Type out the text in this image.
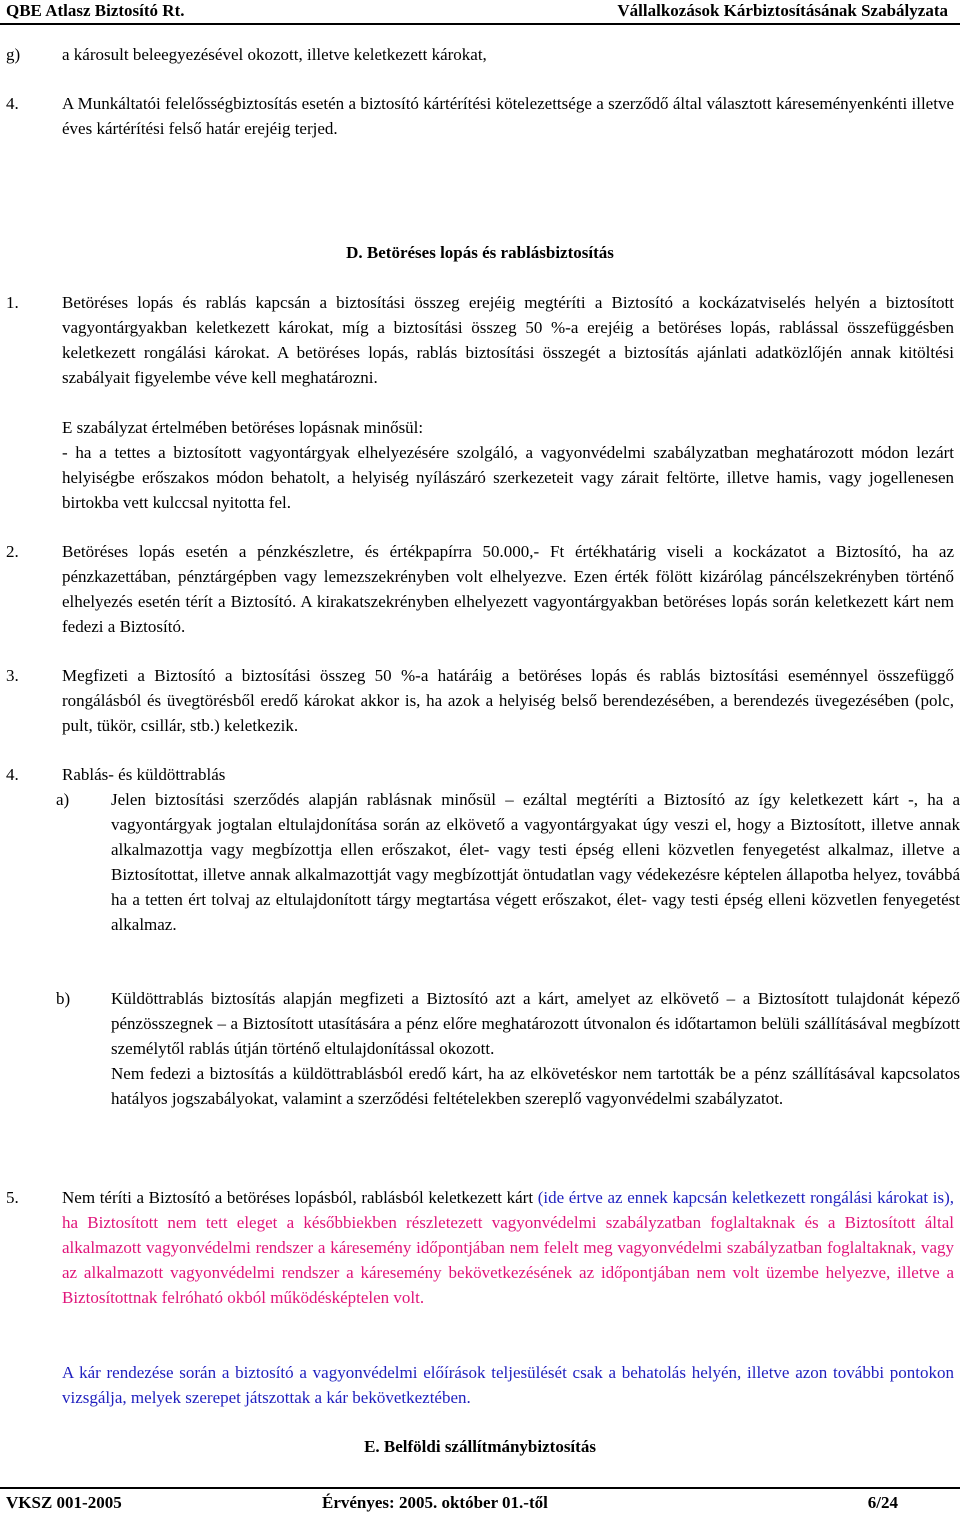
QBE Atlasz Biztosító Rt.	Vállalkozások Kárbiztosításának Szabályzata
g)	a károsult beleegyezésével okozott, illetve keletkezett károkat,
4.	A Munkáltatói felelősségbiztosítás esetén a biztosító kártérítési kötelezettsége a szerződő által választott káreseményenkénti illetve éves kártérítési felső határ erejéig terjed.
D. Betöréses lopás és rablásbiztosítás
1.	Betöréses lopás és rablás kapcsán a biztosítási összeg erejéig megtéríti a Biztosító a kockázatviselés helyén a biztosított vagyontárgyakban keletkezett károkat, míg a biztosítási összeg 50 %-a erejéig a betöréses lopás, rablással összefüggésben keletkezett rongálási károkat. A betöréses lopás, rablás biztosítási összegét a biztosítás ajánlati adatközlőjén annak kitöltési szabályait figyelembe véve kell meghatározni.

E szabályzat értelmében betöréses lopásnak minősül:

- ha a tettes a biztosított vagyontárgyak elhelyezésére szolgáló, a vagyonvédelmi szabályzatban meghatározott módon lezárt helyiségbe erőszakos módon behatolt, a helyiség nyílászáró szerkezeteit vagy zárait feltörte, illetve hamis, vagy jogellenesen birtokba vett kulccsal nyitotta fel.

2.	Betöréses lopás esetén a pénzkészletre, és értékpapírra 50.000,- Ft értékhatárig viseli a kockázatot a Biztosító, ha az pénzkazettában, pénztárgépben vagy lemezszekrényben volt elhelyezve. Ezen érték fölött kizárólag páncélszekrényben történő elhelyezés esetén térít a Biztosító. A kirakatszekrényben elhelyezett vagyontárgyakban betöréses lopás során keletkezett kárt nem fedezi a Biztosító.
3.	Megfizeti a Biztosító a biztosítási összeg 50 %-a határáig a betöréses lopás és rablás biztosítási eseménnyel összefüggő rongálásból és üvegtörésből eredő károkat akkor is, ha azok a helyiség belső berendezésében, a berendezés üvegezésében (polc, pult, tükör, csillár, stb.) keletkezik.
4.	Rablás- és küldöttrablás
a)	Jelen biztosítási szerződés alapján rablásnak minősül – ezáltal megtéríti a Biztosító az így keletkezett kárt -, ha a vagyontárgyak jogtalan eltulajdonítása során az elkövető a vagyontárgyakat úgy veszi el, hogy a Biztosított, illetve annak alkalmazottja vagy megbízottja ellen erőszakot, élet- vagy testi épség elleni közvetlen fenyegetést alkalmaz, illetve a Biztosítottat, illetve annak alkalmazottját vagy megbízottját öntudatlan vagy védekezésre képtelen állapotba helyez, továbbá ha a tetten ért tolvaj az eltulajdonított tárgy megtartása végett erőszakot, élet- vagy testi épség elleni közvetlen fenyegetést alkalmaz.
b)	Küldöttrablás biztosítás alapján megfizeti a Biztosító azt a kárt, amelyet az elkövető – a Biztosított tulajdonát képező pénzösszegnek – a Biztosított utasítására a pénz előre meghatározott útvonalon és időtartamon belüli szállításával megbízott személytől rablás útján történő eltulajdonítással okozott.

Nem fedezi a biztosítás a küldöttrablásból eredő kárt, ha az elkövetéskor nem tartották be a pénz szállításával kapcsolatos hatályos jogszabályokat, valamint a szerződési feltételekben szereplő vagyonvédelmi szabályzatot.

5.	Nem téríti a Biztosító a betöréses lopásból, rablásból keletkezett kárt (ide értve az ennek kapcsán keletkezett rongálási károkat is), ha Biztosított nem tett eleget a későbbiekben részletezett vagyonvédelmi szabályzatban foglaltaknak és a Biztosított által alkalmazott vagyonvédelmi rendszer a káresemény időpontjában nem felelt meg vagyonvédelmi szabályzatban foglaltaknak, vagy az alkalmazott vagyonvédelmi rendszer a káresemény bekövetkezésének az időpontjában nem volt üzembe helyezve, illetve a Biztosítottnak felróható okból működésképtelen volt.

A kár rendezése során a biztosító a vagyonvédelmi előírások teljesülését csak a behatolás helyén, illetve azon további pontokon vizsgálja, melyek szerepet játszottak a kár bekövetkeztében.
E. Belföldi szállítmánybiztosítás
VKSZ 001-2005	Érvényes: 2005. október 01.-től	6/24
